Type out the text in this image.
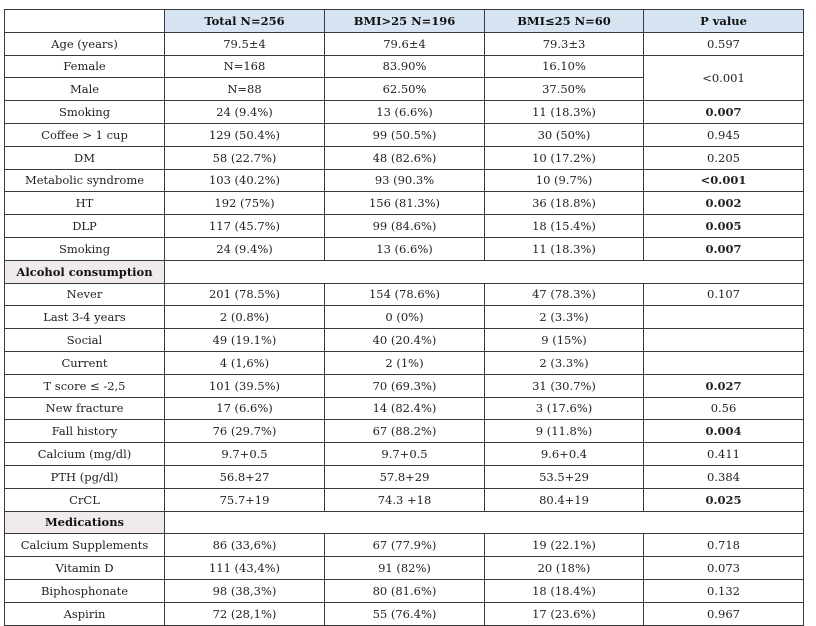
	Total N=256	BMI>25 N=196	BMI≤25 N=60	P value
Age (years)	79.5±4	79.6±4	79.3±3	0.597
Female	N=168	83.90%	16.10%	<0.001
Male	N=88	62.50%	37.50%	
Smoking	24 (9.4%)	13 (6.6%)	11 (18.3%)	0.007
Coffee > 1 cup	129 (50.4%)	99 (50.5%)	30 (50%)	0.945
DM	58 (22.7%)	48 (82.6%)	10 (17.2%)	0.205
Metabolic syndrome	103 (40.2%)	93 (90.3%	10 (9.7%)	<0.001
HT	192 (75%)	156 (81.3%)	36 (18.8%)	0.002
DLP	117 (45.7%)	99 (84.6%)	18 (15.4%)	0.005
Smoking	24 (9.4%)	13 (6.6%)	11 (18.3%)	0.007
Alcohol consumption				
Never	201 (78.5%)	154 (78.6%)	47 (78.3%)	0.107
Last 3-4 years	2 (0.8%)	0 (0%)	2 (3.3%)	
Social	49 (19.1%)	40 (20.4%)	9 (15%)	
Current	4 (1,6%)	2 (1%)	2 (3.3%)	
T score ≤ -2,5	101 (39.5%)	70 (69.3%)	31 (30.7%)	0.027
New fracture	17 (6.6%)	14 (82.4%)	3 (17.6%)	0.56
Fall history	76 (29.7%)	67 (88.2%)	9 (11.8%)	0.004
Calcium (mg/dl)	9.7+0.5	9.7+0.5	9.6+0.4	0.411
PTH (pg/dl)	56.8+27	57.8+29	53.5+29	0.384
CrCL	75.7+19	74.3 +18	80.4+19	0.025
Medications				
Calcium Supplements	86 (33,6%)	67 (77.9%)	19 (22.1%)	0.718
Vitamin D	111 (43,4%)	91 (82%)	20 (18%)	0.073
Biphosphonate	98 (38,3%)	80 (81.6%)	18 (18.4%)	0.132
Aspirin	72 (28,1%)	55 (76.4%)	17 (23.6%)	0.967
